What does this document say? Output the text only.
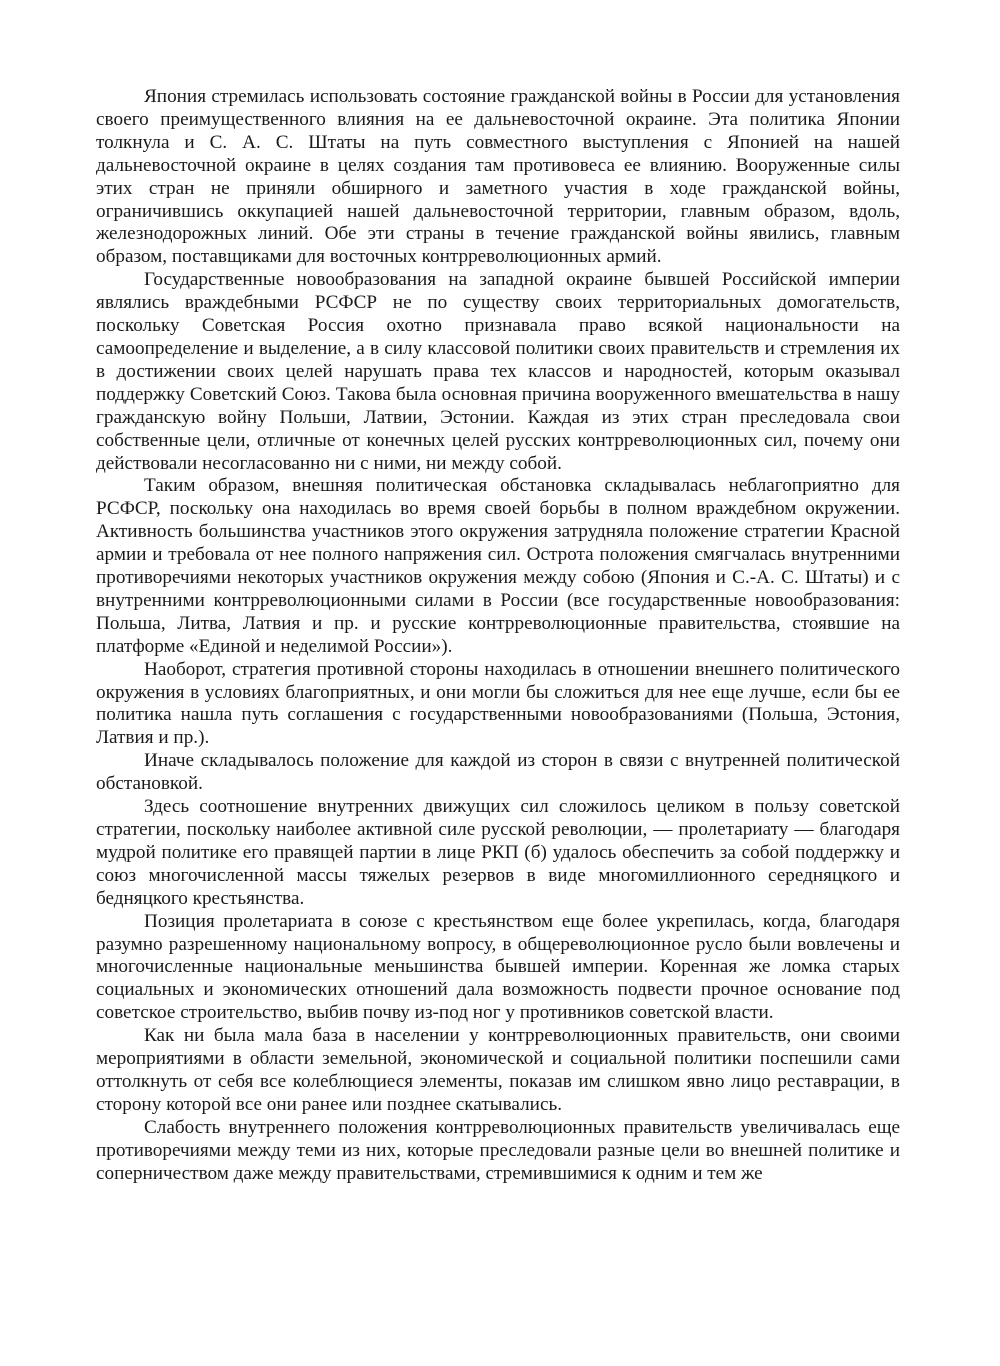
Япония стремилась использовать состояние гражданской войны в России для установления своего преимущественного влияния на ее дальневосточной окраине. Эта политика Японии толкнула и С. А. С. Штаты на путь совместного выступления с Японией на нашей дальневосточной окраине в целях создания там противовеса ее влиянию. Вооруженные силы этих стран не приняли обширного и заметного участия в ходе гражданской войны, ограничившись оккупацией нашей дальневосточной территории, главным образом, вдоль, железнодорожных линий. Обе эти страны в течение гражданской войны явились, главным образом, поставщиками для восточных контрреволюционных армий.

Государственные новообразования на западной окраине бывшей Российской империи являлись враждебными РСФСР не по существу своих территориальных домогательств, поскольку Советская Россия охотно признавала право всякой национальности на самоопределение и выделение, а в силу классовой политики своих правительств и стремления их в достижении своих целей нарушать права тех классов и народностей, которым оказывал поддержку Советский Союз. Такова была основная причина вооруженного вмешательства в нашу гражданскую войну Польши, Латвии, Эстонии. Каждая из этих стран преследовала свои собственные цели, отличные от конечных целей русских контрреволюционных сил, почему они действовали несогласованно ни с ними, ни между собой.

Таким образом, внешняя политическая обстановка складывалась неблагоприятно для РСФСР, поскольку она находилась во время своей борьбы в полном враждебном окружении. Активность большинства участников этого окружения затрудняла положение стратегии Красной армии и требовала от нее полного напряжения сил. Острота положения смягчалась внутренними противоречиями некоторых участников окружения между собою (Япония и С.-А. С. Штаты) и с внутренними контрреволюционными силами в России (все государственные новообразования: Польша, Литва, Латвия и пр. и русские контрреволюционные правительства, стоявшие на платформе «Единой и неделимой России»).

Наоборот, стратегия противной стороны находилась в отношении внешнего политического окружения в условиях благоприятных, и они могли бы сложиться для нее еще лучше, если бы ее политика нашла путь соглашения с государственными новообразованиями (Польша, Эстония, Латвия и пр.).

Иначе складывалось положение для каждой из сторон в связи с внутренней политической обстановкой.

Здесь соотношение внутренних движущих сил сложилось целиком в пользу советской стратегии, поскольку наиболее активной силе русской революции, — пролетариату — благодаря мудрой политике его правящей партии в лице РКП (б) удалось обеспечить за собой поддержку и союз многочисленной массы тяжелых резервов в виде многомиллионного середняцкого и бедняцкого крестьянства.

Позиция пролетариата в союзе с крестьянством еще более укрепилась, когда, благодаря разумно разрешенному национальному вопросу, в общереволюционное русло были вовлечены и многочисленные национальные меньшинства бывшей империи. Коренная же ломка старых социальных и экономических отношений дала возможность подвести прочное основание под советское строительство, выбив почву из-под ног у противников советской власти.

Как ни была мала база в населении у контрреволюционных правительств, они своими мероприятиями в области земельной, экономической и социальной политики поспешили сами оттолкнуть от себя все колеблющиеся элементы, показав им слишком явно лицо реставрации, в сторону которой все они ранее или позднее скатывались.

Слабость внутреннего положения контрреволюционных правительств увеличивалась еще противоречиями между теми из них, которые преследовали разные цели во внешней политике и соперничеством даже между правительствами, стремившимися к одним и тем же
